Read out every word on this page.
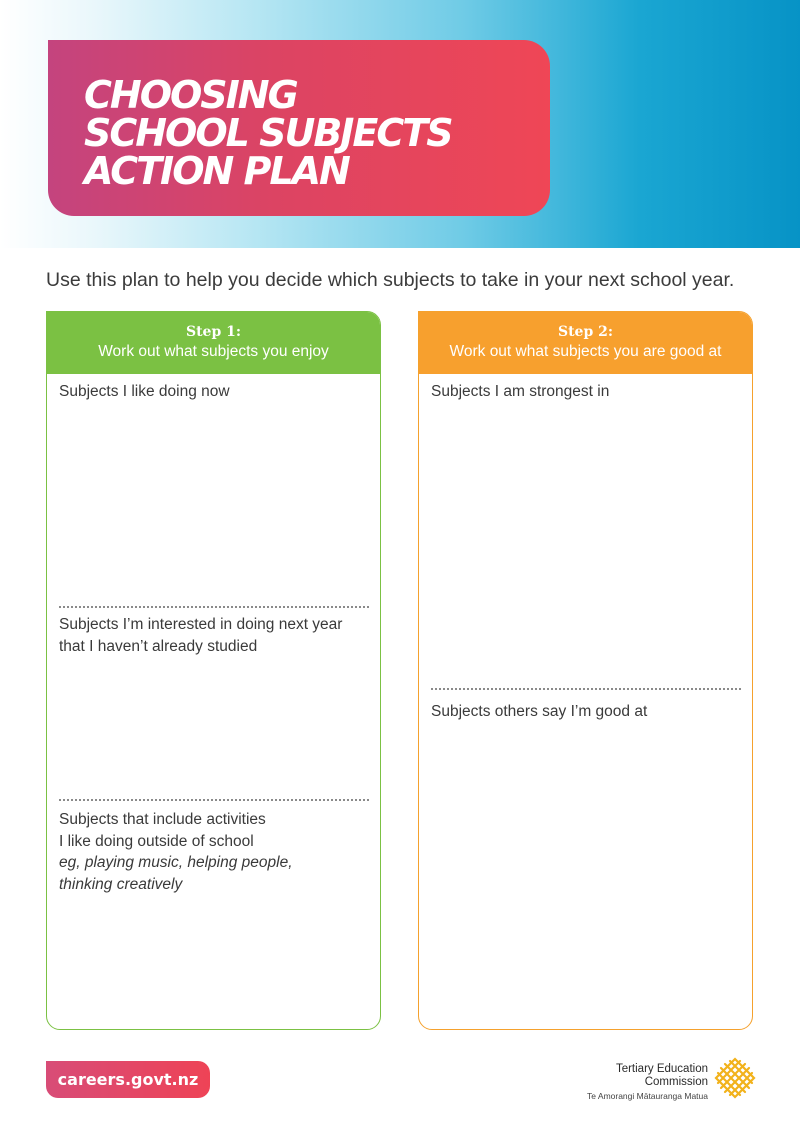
CHOOSING
SCHOOL SUBJECTS
ACTION PLAN

Use this plan to help you decide which subjects to take in your next school year.

Step 1:
Work out what subjects you enjoy
Subjects I like doing now
Subjects I’m interested in doing next year
that I haven’t already studied
Subjects that include activities
I like doing outside of school
eg, playing music, helping people,
thinking creatively
Step 2:
Work out what subjects you are good at
Subjects I am strongest in
Subjects others say I’m good at
careers.govt.nz
Tertiary Education
Commission
Te Amorangi Mātauranga Matua
